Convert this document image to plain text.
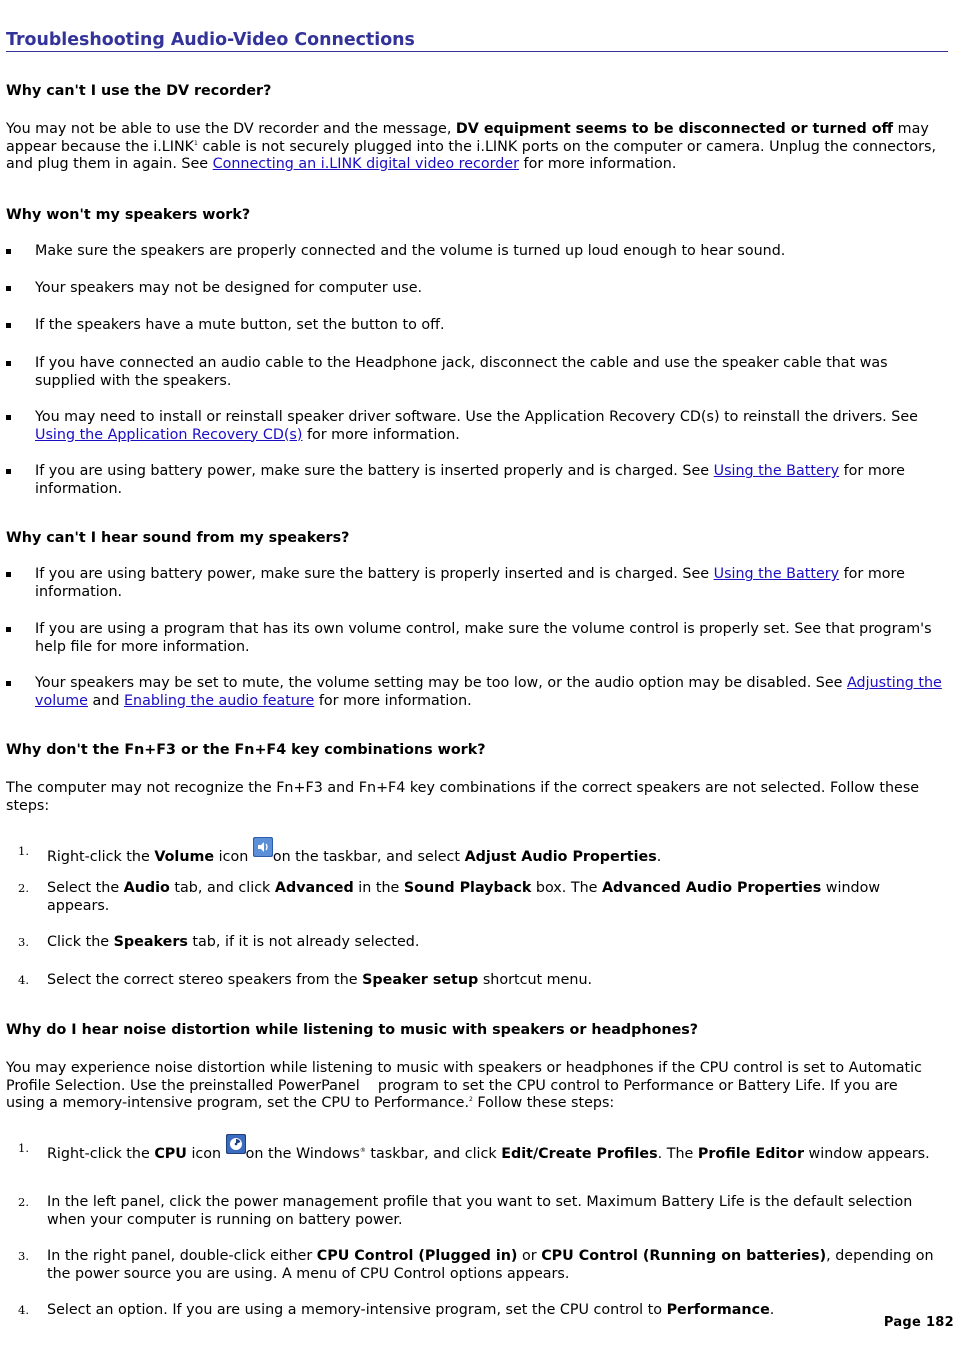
Troubleshooting Audio-Video Connections
Why can't I use the DV recorder?
You may not be able to use the DV recorder and the message, DV equipment seems to be disconnected or turned off may appear because the i.LINK$^1$ cable is not securely plugged into the i.LINK ports on the computer or camera. Unplug the connectors, and plug them in again. See Connecting an i.LINK digital video recorder for more information.
Why won't my speakers work?
Make sure the speakers are properly connected and the volume is turned up loud enough to hear sound.
Your speakers may not be designed for computer use.
If the speakers have a mute button, set the button to off.
If you have connected an audio cable to the Headphone jack, disconnect the cable and use the speaker cable that was supplied with the speakers.
You may need to install or reinstall speaker driver software. Use the Application Recovery CD(s) to reinstall the drivers. See Using the Application Recovery CD(s) for more information.
If you are using battery power, make sure the battery is inserted properly and is charged. See Using the Battery for more information.
Why can't I hear sound from my speakers?
If you are using battery power, make sure the battery is properly inserted and is charged. See Using the Battery for more information.
If you are using a program that has its own volume control, make sure the volume control is properly set. See that program's help file for more information.
Your speakers may be set to mute, the volume setting may be too low, or the audio option may be disabled. See Adjusting the volume and Enabling the audio feature for more information.
Why don't the Fn+F3 or the Fn+F4 key combinations work?
The computer may not recognize the Fn+F3 and Fn+F4 key combinations if the correct speakers are not selected. Follow these steps:
1. Right-click the Volume icon on the taskbar, and select Adjust Audio Properties.
2. Select the Audio tab, and click Advanced in the Sound Playback box. The Advanced Audio Properties window appears.
3. Click the Speakers tab, if it is not already selected.
4. Select the correct stereo speakers from the Speaker setup shortcut menu.
Why do I hear noise distortion while listening to music with speakers or headphones?
You may experience noise distortion while listening to music with speakers or headphones if the CPU control is set to Automatic Profile Selection. Use the preinstalled PowerPanel program to set the CPU control to Performance or Battery Life. If you are using a memory-intensive program, set the CPU to Performance.$^2$ Follow these steps:
1. Right-click the CPU icon on the Windows® taskbar, and click Edit/Create Profiles. The Profile Editor window appears.
2. In the left panel, click the power management profile that you want to set. Maximum Battery Life is the default selection when your computer is running on battery power.
3. In the right panel, double-click either CPU Control (Plugged in) or CPU Control (Running on batteries), depending on the power source you are using. A menu of CPU Control options appears.
4. Select an option. If you are using a memory-intensive program, set the CPU control to Performance.
Page 182
